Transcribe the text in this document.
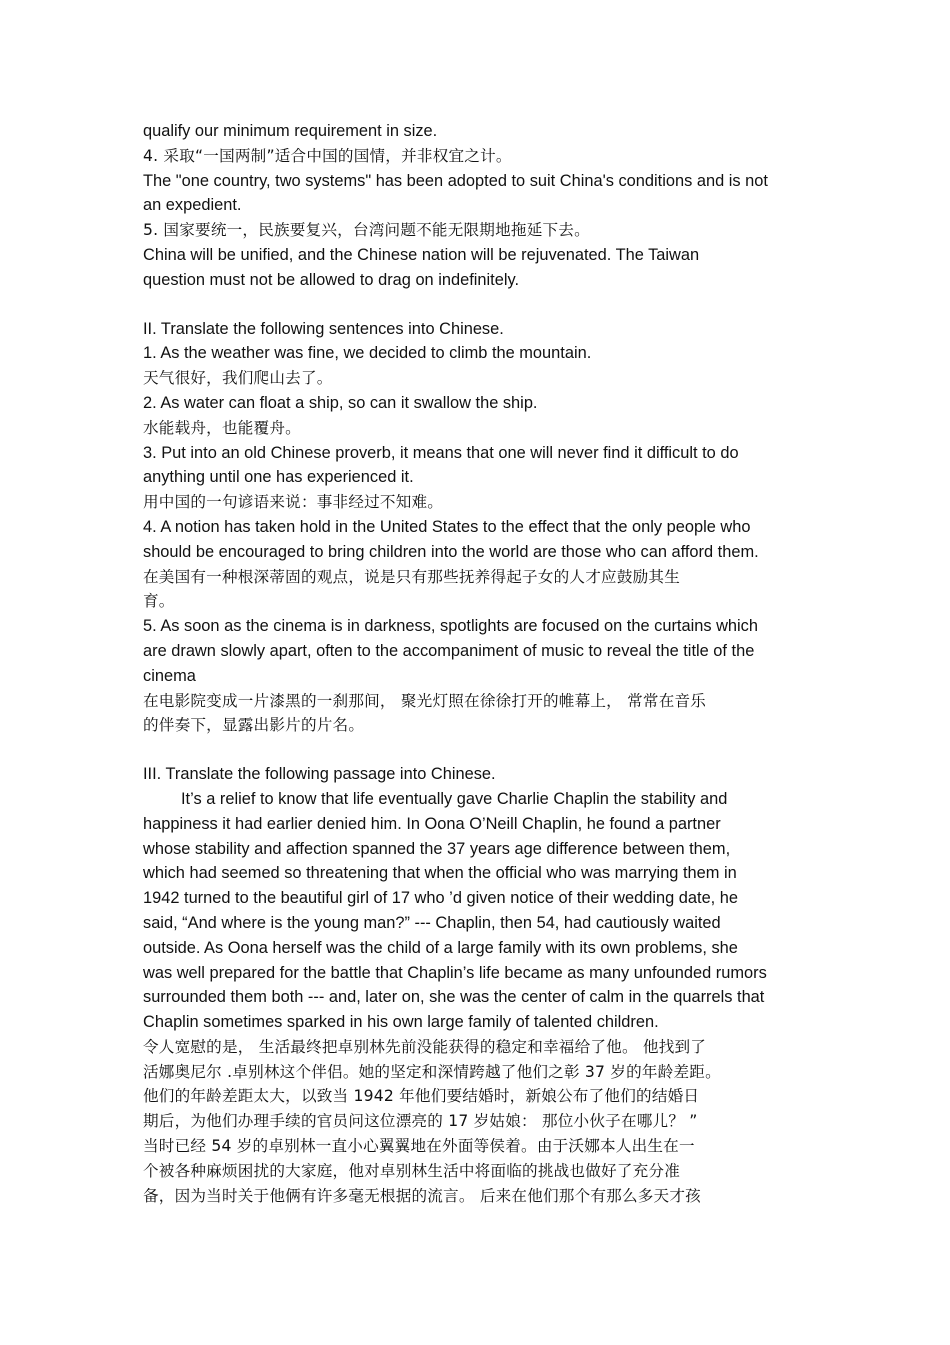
qualify our minimum requirement in size.
4. 采取“一国两制”适合中国的国情，并非权宜之计。
The "one country, two systems" has been adopted to suit China's conditions and is not
an expedient.
5. 国家要统一，民族要复兴，台湾问题不能无限期地拖延下去。
China will be unified, and the Chinese nation will be rejuvenated. The Taiwan
question must not be allowed to drag on indefinitely.
II. Translate the following sentences into Chinese.
1. As the weather was fine, we decided to climb the mountain.
天气很好，我们爬山去了。
2. As water can float a ship, so can it swallow the ship.
水能载舟，也能覆舟。
3. Put into an old Chinese proverb, it means that one will never find it difficult to do
anything until one has experienced it.
用中国的一句谚语来说：事非经过不知难。
4. A notion has taken hold in the United States to the effect that the only people who
should be encouraged to bring children into the world are those who can afford them.
在美国有一种根深蒂固的观点，说是只有那些抚养得起子女的人才应鼓励其生
育。
5. As soon as the cinema is in darkness, spotlights are focused on the curtains which
are drawn slowly apart, often to the accompaniment of music to reveal the title of the
cinema
在电影院变成一片漆黑的一刹那间， 聚光灯照在徐徐打开的帷幕上， 常常在音乐
的伴奏下，显露出影片的片名。
III. Translate the following passage into Chinese.
It’s a relief to know that life eventually gave Charlie Chaplin the stability and
happiness it had earlier denied him. In Oona O’Neill Chaplin, he found a partner
whose stability and affection spanned the 37 years age difference between them,
which had seemed so threatening that when the official who was marrying them in
1942 turned to the beautiful girl of 17 who ’d given notice of their wedding date, he
said, “And where is the young man?” --- Chaplin, then 54, had cautiously waited
outside. As Oona herself was the child of a large family with its own problems, she
was well prepared for the battle that Chaplin’s life became as many unfounded rumors
surrounded them both --- and, later on, she was the center of calm in the quarrels that
Chaplin sometimes sparked in his own large family of talented children.
令人宽慰的是， 生活最终把卓别林先前没能获得的稳定和幸福给了他。 他找到了
活娜奥尼尔 .卓别林这个伴侣。她的坚定和深情跨越了他们之彰 37 岁的年龄差距。
他们的年龄差距太大，以致当 1942 年他们要结婚时，新娘公布了他们的结婚日
期后，为他们办理手续的官员问这位漂亮的 17 岁姑娘： 那位小伙子在哪儿？ ”
当时已经 54 岁的卓别林一直小心翼翼地在外面等侯着。由于沃娜本人出生在一
个被各种麻烦困扰的大家庭，他对卓别林生活中将面临的挑战也做好了充分准
备，因为当时关于他俩有许多毫无根据的流言。 后来在他们那个有那么多天才孩
